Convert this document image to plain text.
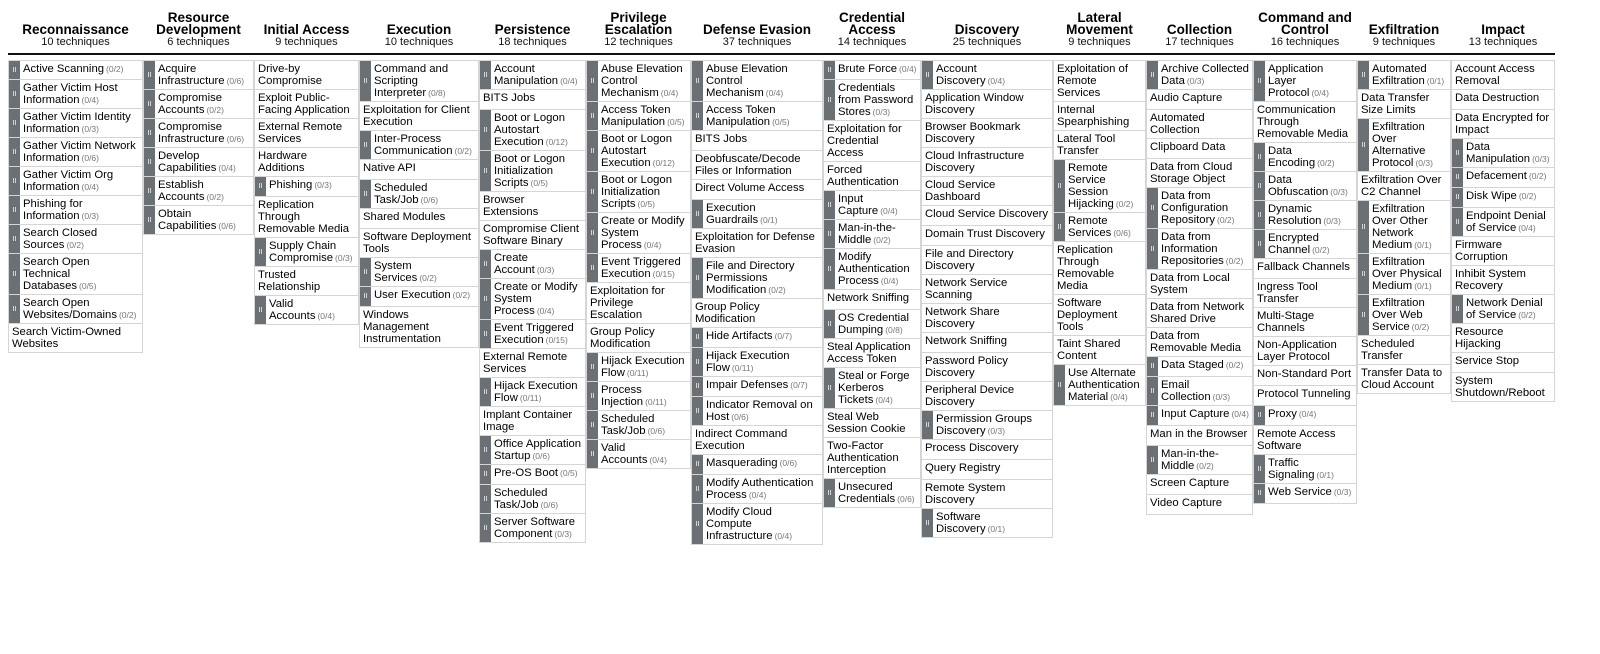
Reconnaissance
10 techniques
II Active Scanning (0/2)
II Gather Victim Host Information (0/4)
II Gather Victim Identity Information (0/3)
II Gather Victim Network Information (0/6)
II Gather Victim Org Information (0/4)
II Phishing for Information (0/3)
II Search Closed Sources (0/2)
II
Search Open Technical Databases (0/5)
II Search Open Websites/Domains (0/2)
Search Victim-Owned Websites
Resource Development
6 techniques
II Acquire Infrastructure (0/6)
II Compromise Accounts (0/2)
II Compromise Infrastructure (0/6)
II Develop Capabilities (0/4)
II Establish Accounts (0/2)
II Obtain Capabilities (0/6)
Initial Access
9 techniques
Drive-by Compromise
Exploit Public-Facing Application
External Remote Services
Hardware Additions
II Phishing (0/3)
Replication Through Removable Media
II Supply Chain Compromise (0/3)
Trusted Relationship
II Valid Accounts (0/4)
Execution
10 techniques
II
Command and Scripting Interpreter (0/8)
Exploitation for Client Execution
II Inter-Process Communication (0/2)
Native API
II Scheduled Task/Job (0/6)
Shared Modules
Software Deployment Tools
II System Services (0/2)
II User Execution (0/2)
Windows Management Instrumentation
Persistence
18 techniques
II Account Manipulation (0/4)
BITS Jobs
II
Boot or Logon Autostart Execution (0/12)
II
Boot or Logon Initialization Scripts (0/5)
Browser Extensions
Compromise Client Software Binary
II Create Account (0/3)
II
Create or Modify System Process (0/4)
II Event Triggered Execution (0/15)
External Remote Services
II Hijack Execution Flow (0/11)
Implant Container Image
II Office Application Startup (0/6)
II Pre-OS Boot (0/5)
II Scheduled Task/Job (0/6)
II Server Software Component (0/3)
Privilege Escalation
12 techniques
II
Abuse Elevation Control Mechanism (0/4)
II Access Token Manipulation (0/5)
II
Boot or Logon Autostart Execution (0/12)
II
Boot or Logon Initialization Scripts (0/5)
II
Create or Modify System Process (0/4)
II Event Triggered Execution (0/15)
Exploitation for Privilege Escalation
Group Policy Modification
II Hijack Execution Flow (0/11)
II Process Injection (0/11)
II Scheduled Task/Job (0/6)
II Valid Accounts (0/4)
Defense Evasion
37 techniques
II
Abuse Elevation Control Mechanism (0/4)
II Access Token Manipulation (0/5)
BITS Jobs
Deobfuscate/Decode Files or Information
Direct Volume Access
II Execution Guardrails (0/1)
Exploitation for Defense Evasion
II
File and Directory Permissions Modification (0/2)
Group Policy Modification
II Hide Artifacts (0/7)
II Hijack Execution Flow (0/11)
II Impair Defenses (0/7)
II Indicator Removal on Host (0/6)
Indirect Command Execution
II Masquerading (0/6)
II Modify Authentication Process (0/4)
II
Modify Cloud Compute Infrastructure (0/4)
Credential Access
14 techniques
II Brute Force (0/4)
II
Credentials from Password Stores (0/3)
Exploitation for Credential Access
Forced Authentication
II Input Capture (0/4)
II Man-in-the-Middle (0/2)
II
Modify Authentication Process (0/4)
Network Sniffing
II OS Credential Dumping (0/8)
Steal Application Access Token
II
Steal or Forge Kerberos Tickets (0/4)
Steal Web Session Cookie
Two-Factor Authentication Interception
II Unsecured Credentials (0/6)
Discovery
25 techniques
II Account Discovery (0/4)
Application Window Discovery
Browser Bookmark Discovery
Cloud Infrastructure Discovery
Cloud Service Dashboard
Cloud Service Discovery
Domain Trust Discovery
File and Directory Discovery
Network Service Scanning
Network Share Discovery
Network Sniffing
Password Policy Discovery
Peripheral Device Discovery
II Permission Groups Discovery (0/3)
Process Discovery
Query Registry
Remote System Discovery
II Software Discovery (0/1)
Lateral Movement
9 techniques
Exploitation of Remote Services
Internal Spearphishing
Lateral Tool Transfer
II
Remote Service Session Hijacking (0/2)
II Remote Services (0/6)
Replication Through Removable Media
Software Deployment Tools
Taint Shared Content
II
Use Alternate Authentication Material (0/4)
Collection
17 techniques
II Archive Collected Data (0/3)
Audio Capture
Automated Collection
Clipboard Data
Data from Cloud Storage Object
II
Data from Configuration Repository (0/2)
II
Data from Information Repositories (0/2)
Data from Local System
Data from Network Shared Drive
Data from Removable Media
II Data Staged (0/2)
II Email Collection (0/3)
II Input Capture (0/4)
Man in the Browser
II Man-in-the-Middle (0/2)
Screen Capture
Video Capture
Command and Control
16 techniques
II
Application Layer Protocol (0/4)
Communication Through Removable Media
II Data Encoding (0/2)
II Data Obfuscation (0/3)
II Dynamic Resolution (0/3)
II Encrypted Channel (0/2)
Fallback Channels
Ingress Tool Transfer
Multi-Stage Channels
Non-Application Layer Protocol
Non-Standard Port
Protocol Tunneling
II Proxy (0/4)
Remote Access Software
II Traffic Signaling (0/1)
II Web Service (0/3)
Exfiltration
9 techniques
II Automated Exfiltration (0/1)
Data Transfer Size Limits
II
Exfiltration Over Alternative Protocol (0/3)
Exfiltration Over C2 Channel
II
Exfiltration Over Other Network Medium (0/1)
II
Exfiltration Over Physical Medium (0/1)
II
Exfiltration Over Web Service (0/2)
Scheduled Transfer
Transfer Data to Cloud Account
Impact
13 techniques
Account Access Removal
Data Destruction
Data Encrypted for Impact
II Data Manipulation (0/3)
II Defacement (0/2)
II Disk Wipe (0/2)
II Endpoint Denial of Service (0/4)
Firmware Corruption
Inhibit System Recovery
II Network Denial of Service (0/2)
Resource Hijacking
Service Stop
System Shutdown/Reboot
